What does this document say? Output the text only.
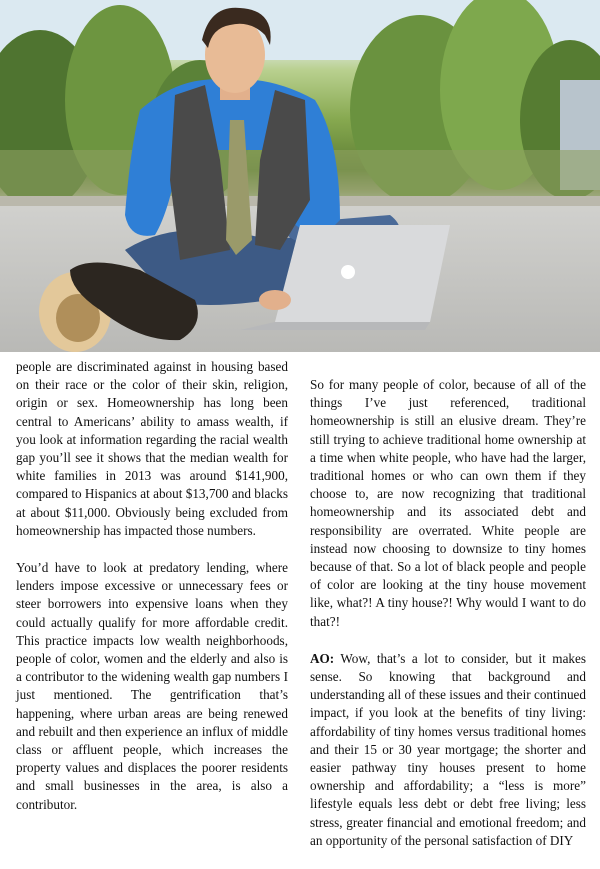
people are discriminated against in housing based on their race or the color of their skin, religion, origin or sex. Homeownership has long been central to Americans’ ability to amass wealth, if you look at information regarding the racial wealth gap you’ll see it shows that the median wealth for white families in 2013 was around $141,900, compared to Hispanics at about $13,700 and blacks at about $11,000. Obviously being excluded from homeownership has impacted those numbers.

You’d have to look at predatory lending, where lenders impose excessive or unnecessary fees or steer borrowers into expensive loans when they could actually qualify for more affordable credit. This practice impacts low wealth neighborhoods, people of color, women and the elderly and also is a contributor to the widening wealth gap numbers I just mentioned. The gentrification that’s happening, where urban areas are being renewed and rebuilt and then experience an influx of middle class or affluent people, which increases the property values and displaces the poorer residents and small businesses in the area, is also a contributor.

So for many people of color, because of all of the things I’ve just referenced, traditional homeownership is still an elusive dream. They’re still trying to achieve traditional home ownership at a time when white people, who have had the larger, traditional homes or who can own them if they choose to, are now recognizing that traditional homeownership and its associated debt and responsibility are overrated. White people are instead now choosing to downsize to tiny homes because of that. So a lot of black people and people of color are looking at the tiny house movement like, what?! A tiny house?! Why would I want to do that?!

AO: Wow, that’s a lot to consider, but it makes sense. So knowing that background and understanding all of these issues and their continued impact, if you look at the benefits of tiny living: affordability of tiny homes versus traditional homes and their 15 or 30 year mortgage; the shorter and easier pathway tiny houses present to home ownership and affordability; a “less is more” lifestyle equals less debt or debt free living; less stress, greater financial and emotional freedom; and an opportunity of the personal satisfaction of DIY
